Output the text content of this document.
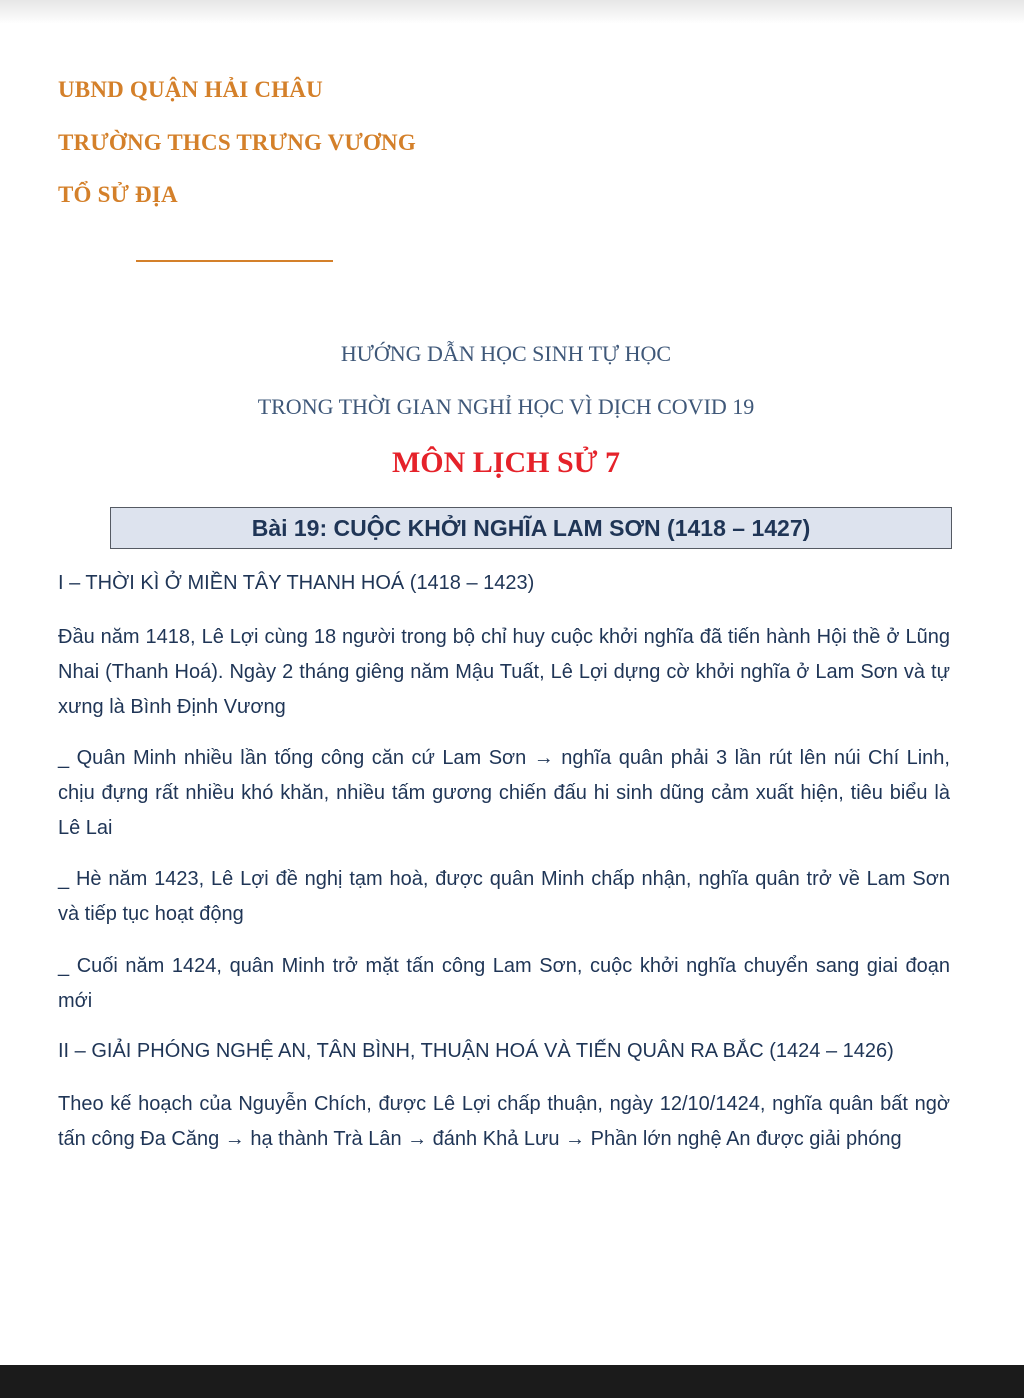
UBND QUẬN HẢI CHÂU
TRƯỜNG THCS TRƯNG VƯƠNG
TỔ SỬ ĐỊA
HƯỚNG DẪN HỌC SINH TỰ HỌC
TRONG THỜI GIAN NGHỈ HỌC VÌ DỊCH COVID 19
MÔN LỊCH SỬ 7
Bài 19: CUỘC KHỞI NGHĨA LAM SƠN (1418 – 1427)
I – THỜI KÌ Ở MIỀN TÂY THANH HOÁ (1418 – 1423)

Đầu năm 1418, Lê Lợi cùng 18 người trong bộ chỉ huy cuộc khởi nghĩa đã tiến hành Hội thề ở Lũng Nhai (Thanh Hoá). Ngày 2 tháng giêng năm Mậu Tuất, Lê Lợi dựng cờ khởi nghĩa ở Lam Sơn và tự xưng là Bình Định Vương

_ Quân Minh nhiều lần tống công căn cứ Lam Sơn → nghĩa quân phải 3 lần rút lên núi Chí Linh, chịu đựng rất nhiều khó khăn, nhiều tấm gương chiến đấu hi sinh dũng cảm xuất hiện, tiêu biểu là Lê Lai

_ Hè năm 1423, Lê Lợi đề nghị tạm hoà, được quân Minh chấp nhận, nghĩa quân trở về Lam Sơn và tiếp tục hoạt động

_ Cuối năm 1424, quân Minh trở mặt tấn công Lam Sơn, cuộc khởi nghĩa chuyển sang giai đoạn mới

II – GIẢI PHÓNG NGHỆ AN, TÂN BÌNH, THUẬN HOÁ VÀ TIẾN QUÂN RA BẮC (1424 – 1426)

Theo kế hoạch của Nguyễn Chích, được Lê Lợi chấp thuận, ngày 12/10/1424, nghĩa quân bất ngờ tấn công Đa Căng → hạ thành Trà Lân → đánh Khả Lưu → Phần lớn nghệ An được giải phóng
